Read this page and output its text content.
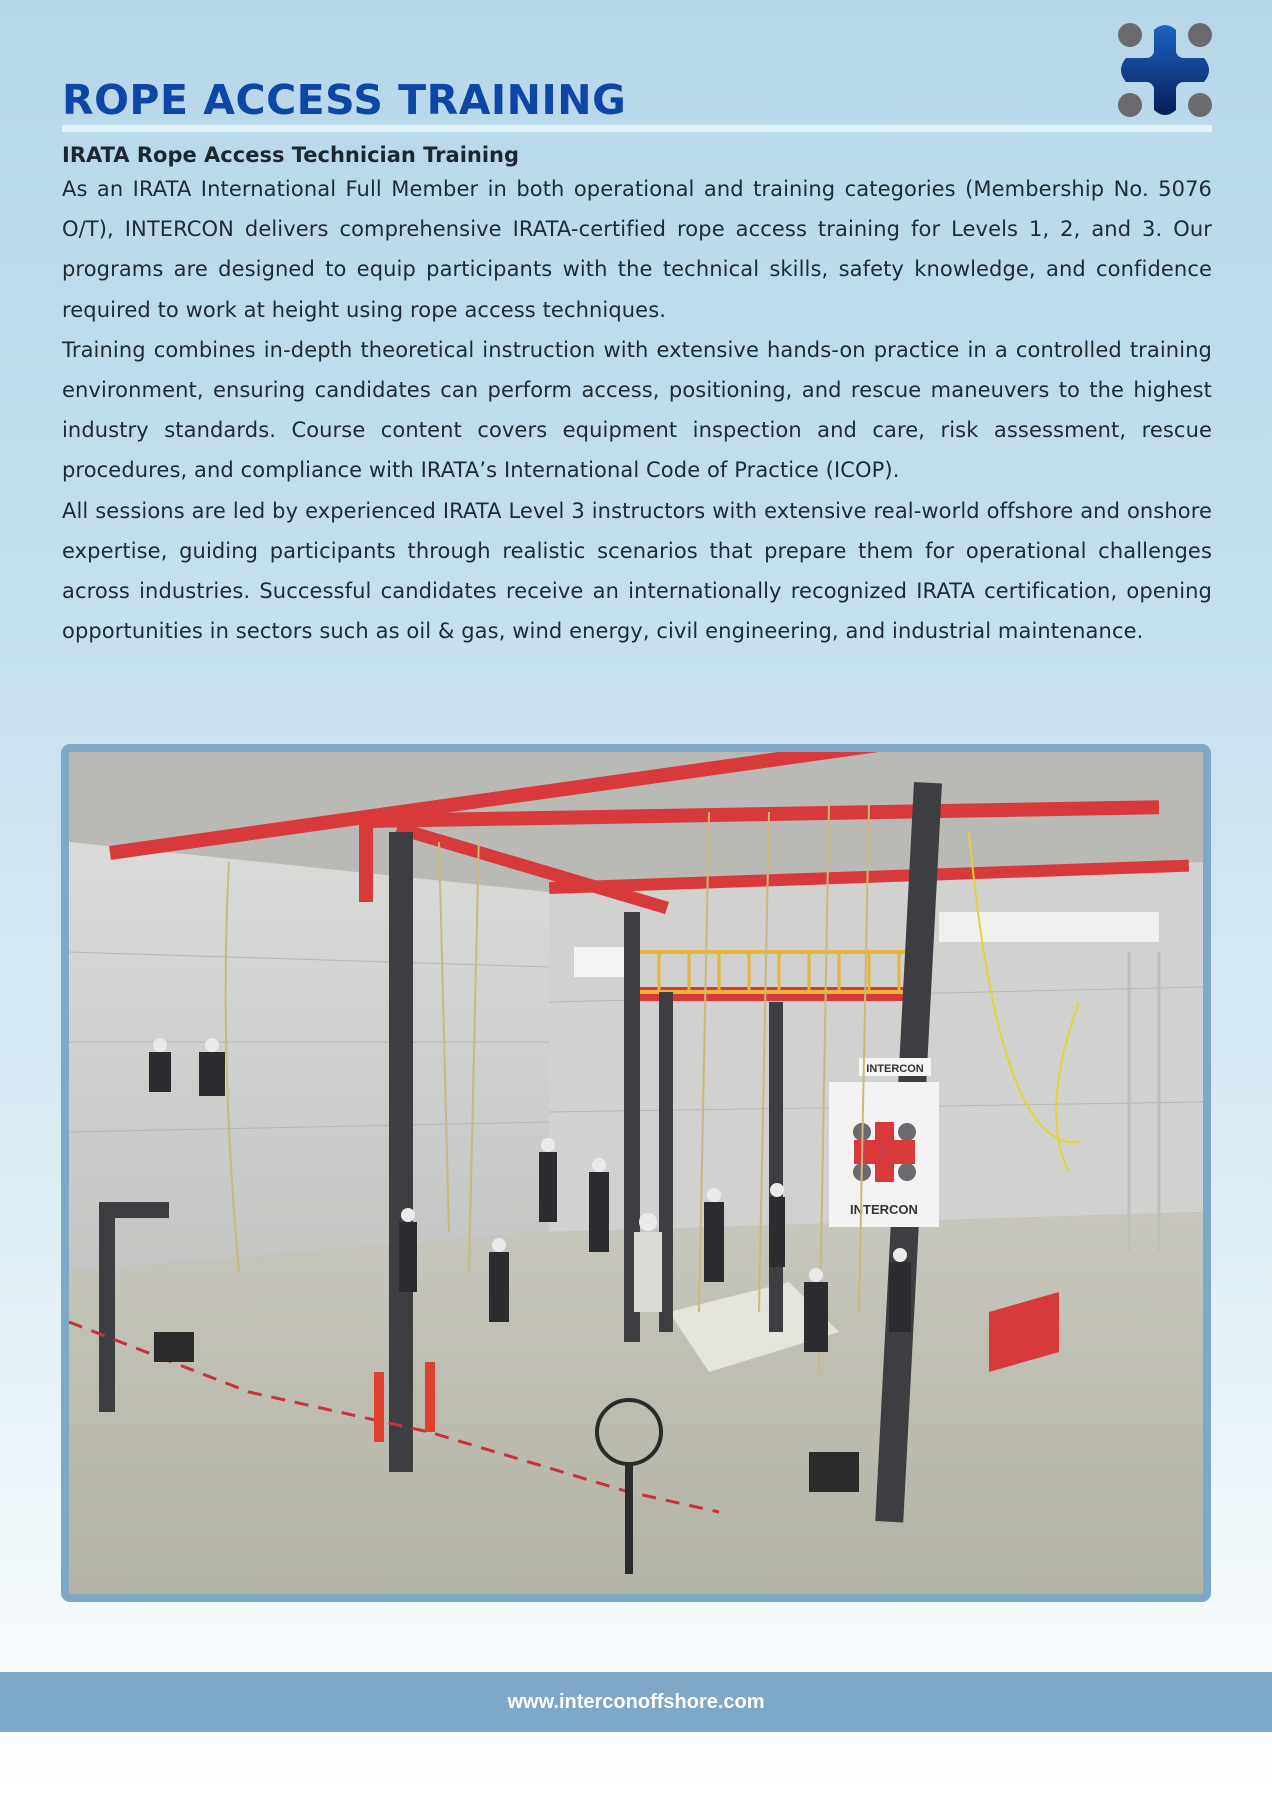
ROPE ACCESS TRAINING
IRATA Rope Access Technician Training

As an IRATA International Full Member in both operational and training categories (Membership No. 5076 O/T), INTERCON delivers comprehensive IRATA-certified rope access training for Levels 1, 2, and 3. Our programs are designed to equip participants with the technical skills, safety knowledge, and confidence required to work at height using rope access techniques.

Training combines in-depth theoretical instruction with extensive hands-on practice in a controlled training environment, ensuring candidates can perform access, positioning, and rescue maneuvers to the highest industry standards. Course content covers equipment inspection and care, risk assessment, rescue procedures, and compliance with IRATA’s International Code of Practice (ICOP).

All sessions are led by experienced IRATA Level 3 instructors with extensive real-world offshore and onshore expertise, guiding participants through realistic scenarios that prepare them for operational challenges across industries. Successful candidates receive an internationally recognized IRATA certification, opening opportunities in sectors such as oil & gas, wind energy, civil engineering, and industrial maintenance.

INTERCON
INTERCON
www.interconoffshore.com
